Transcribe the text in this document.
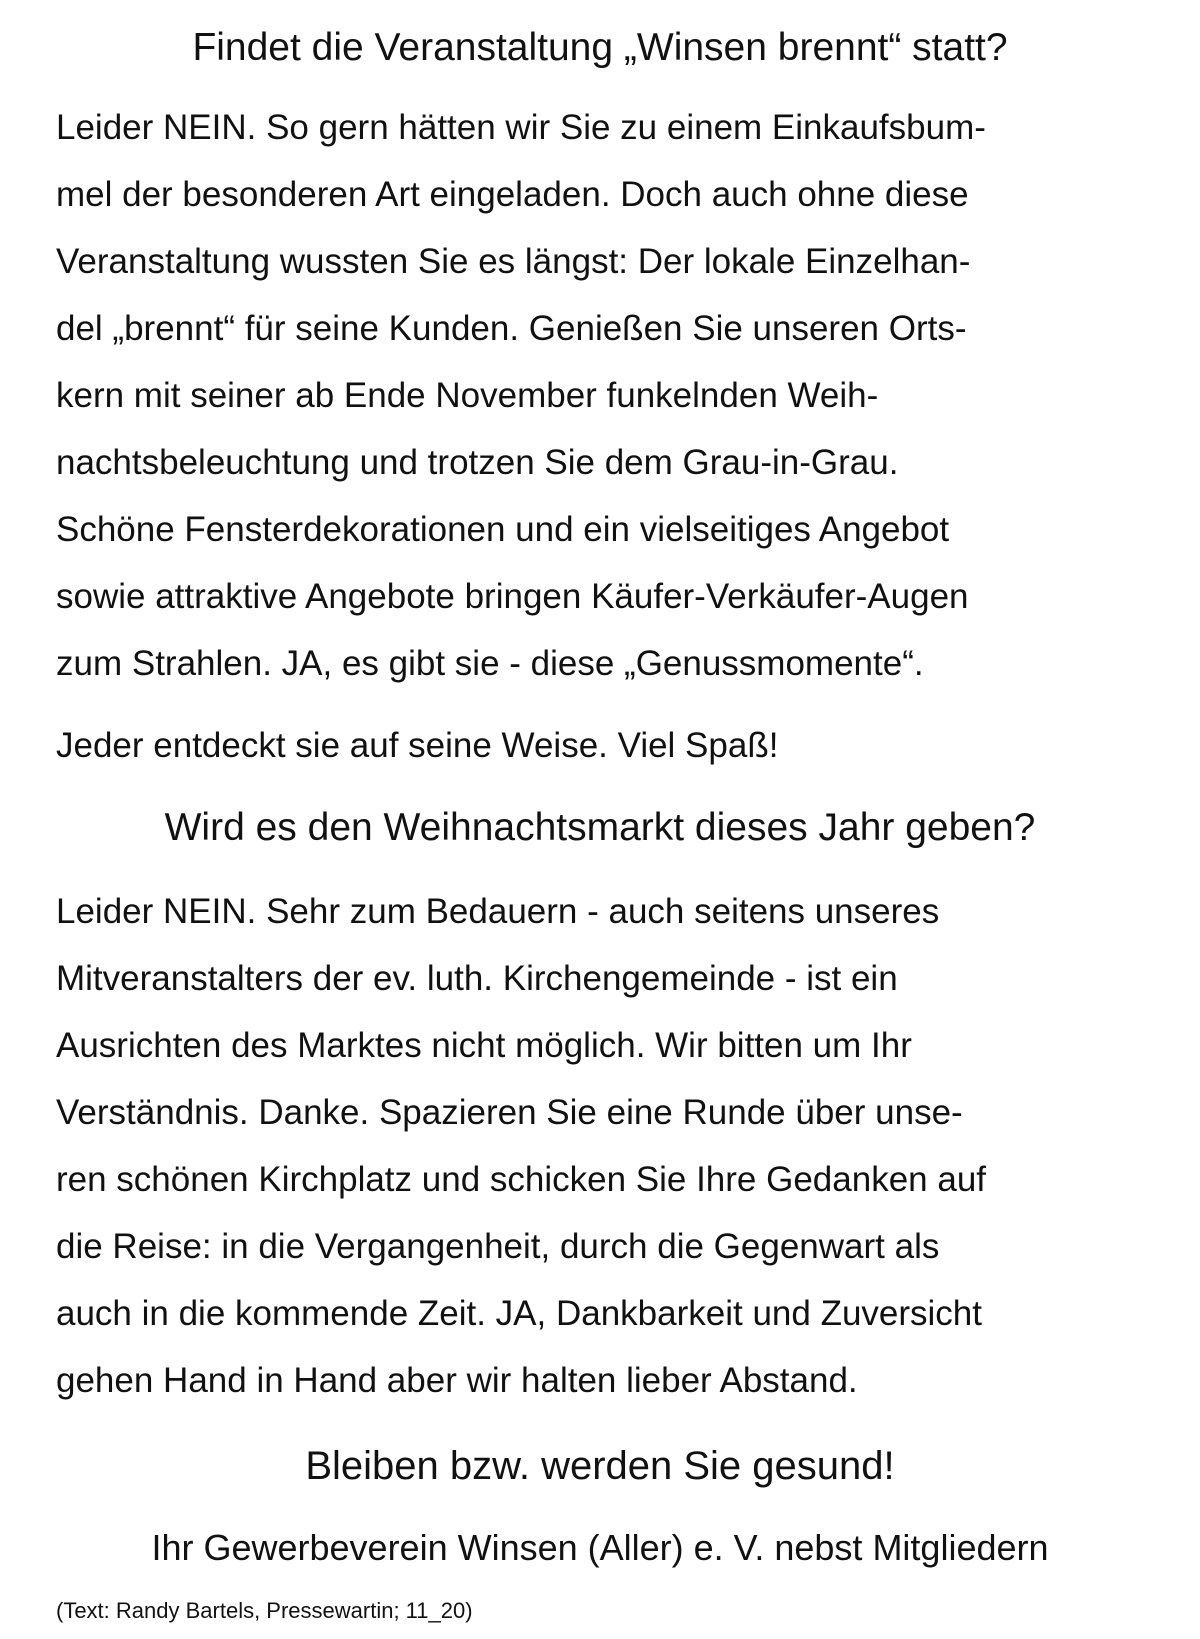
Findet die Veranstaltung „Winsen brennt“ statt?
Leider NEIN. So gern hätten wir Sie zu einem Einkaufsbum-
mel der besonderen Art eingeladen. Doch auch ohne diese
Veranstaltung wussten Sie es längst: Der lokale Einzelhan-
del „brennt“ für seine Kunden. Genießen Sie unseren Orts-
kern mit seiner ab Ende November funkelnden Weih-
nachtsbeleuchtung und trotzen Sie dem Grau-in-Grau.
Schöne Fensterdekorationen und ein vielseitiges Angebot
sowie attraktive Angebote bringen Käufer-Verkäufer-Augen
zum Strahlen. JA, es gibt sie - diese „Genussmomente“.

Jeder entdeckt sie auf seine Weise. Viel Spaß!

Wird es den Weihnachtsmarkt dieses Jahr geben?
Leider NEIN. Sehr zum Bedauern - auch seitens unseres
Mitveranstalters der ev. luth. Kirchengemeinde - ist ein
Ausrichten des Marktes nicht möglich. Wir bitten um Ihr
Verständnis. Danke. Spazieren Sie eine Runde über unse-
ren schönen Kirchplatz und schicken Sie Ihre Gedanken auf
die Reise: in die Vergangenheit, durch die Gegenwart als
auch in die kommende Zeit. JA, Dankbarkeit und Zuversicht
gehen Hand in Hand aber wir halten lieber Abstand.

Bleiben bzw. werden Sie gesund!

Ihr Gewerbeverein Winsen (Aller) e. V. nebst Mitgliedern

(Text: Randy Bartels, Pressewartin; 11_20)
